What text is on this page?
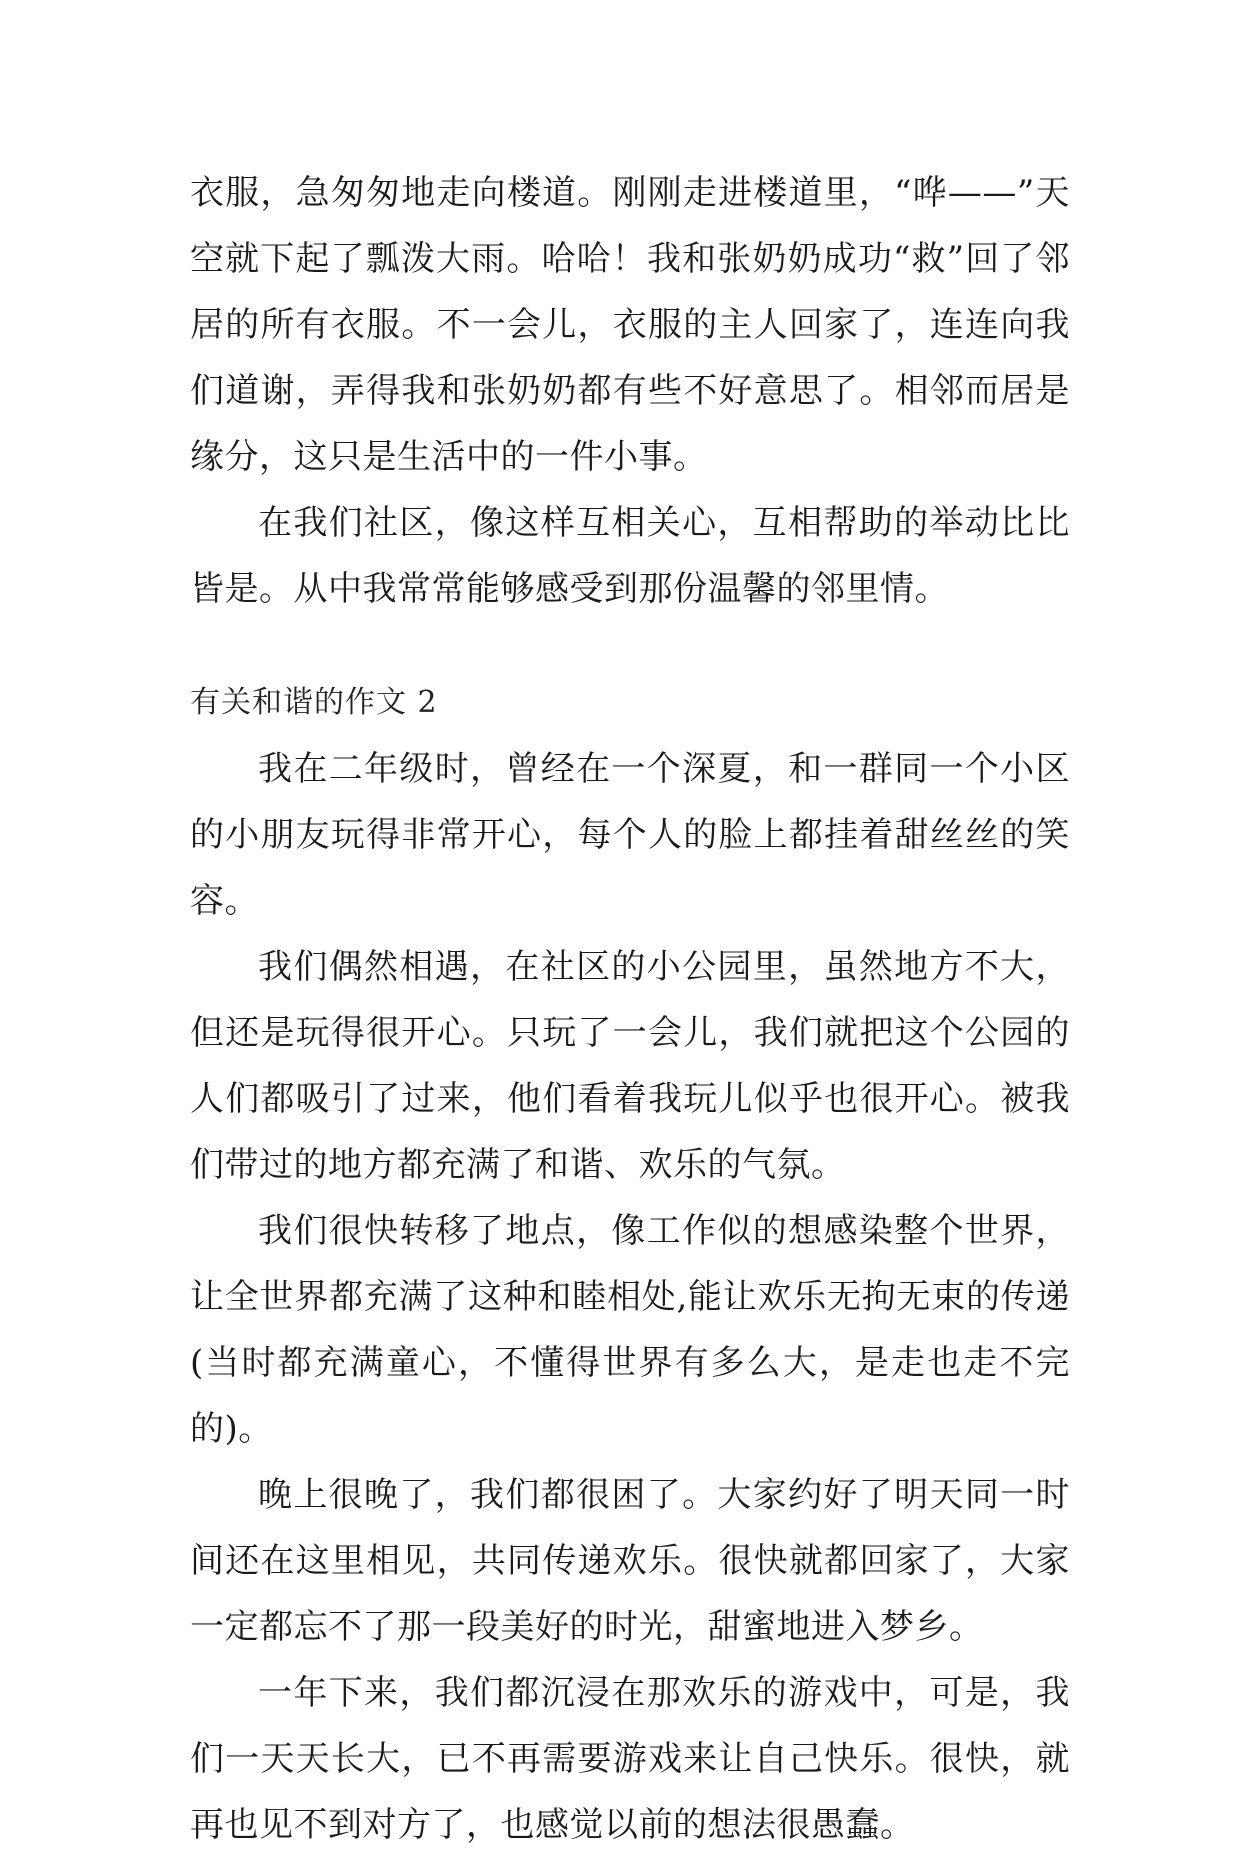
衣服，急匆匆地走向楼道。刚刚走进楼道里，“哗——”天空就下起了瓢泼大雨。哈哈！我和张奶奶成功“救”回了邻居的所有衣服。不一会儿，衣服的主人回家了，连连向我们道谢，弄得我和张奶奶都有些不好意思了。相邻而居是缘分，这只是生活中的一件小事。

在我们社区，像这样互相关心，互相帮助的举动比比皆是。从中我常常能够感受到那份温馨的邻里情。

有关和谐的作文 2

我在二年级时，曾经在一个深夏，和一群同一个小区的小朋友玩得非常开心，每个人的脸上都挂着甜丝丝的笑容。

我们偶然相遇，在社区的小公园里，虽然地方不大，但还是玩得很开心。只玩了一会儿，我们就把这个公园的人们都吸引了过来，他们看着我玩儿似乎也很开心。被我们带过的地方都充满了和谐、欢乐的气氛。

我们很快转移了地点，像工作似的想感染整个世界，让全世界都充满了这种和睦相处,能让欢乐无拘无束的传递(当时都充满童心，不懂得世界有多么大，是走也走不完的)。

晚上很晚了，我们都很困了。大家约好了明天同一时间还在这里相见，共同传递欢乐。很快就都回家了，大家一定都忘不了那一段美好的时光，甜蜜地进入梦乡。

一年下来，我们都沉浸在那欢乐的游戏中，可是，我们一天天长大，已不再需要游戏来让自己快乐。很快，就再也见不到对方了，也感觉以前的想法很愚蠢。
